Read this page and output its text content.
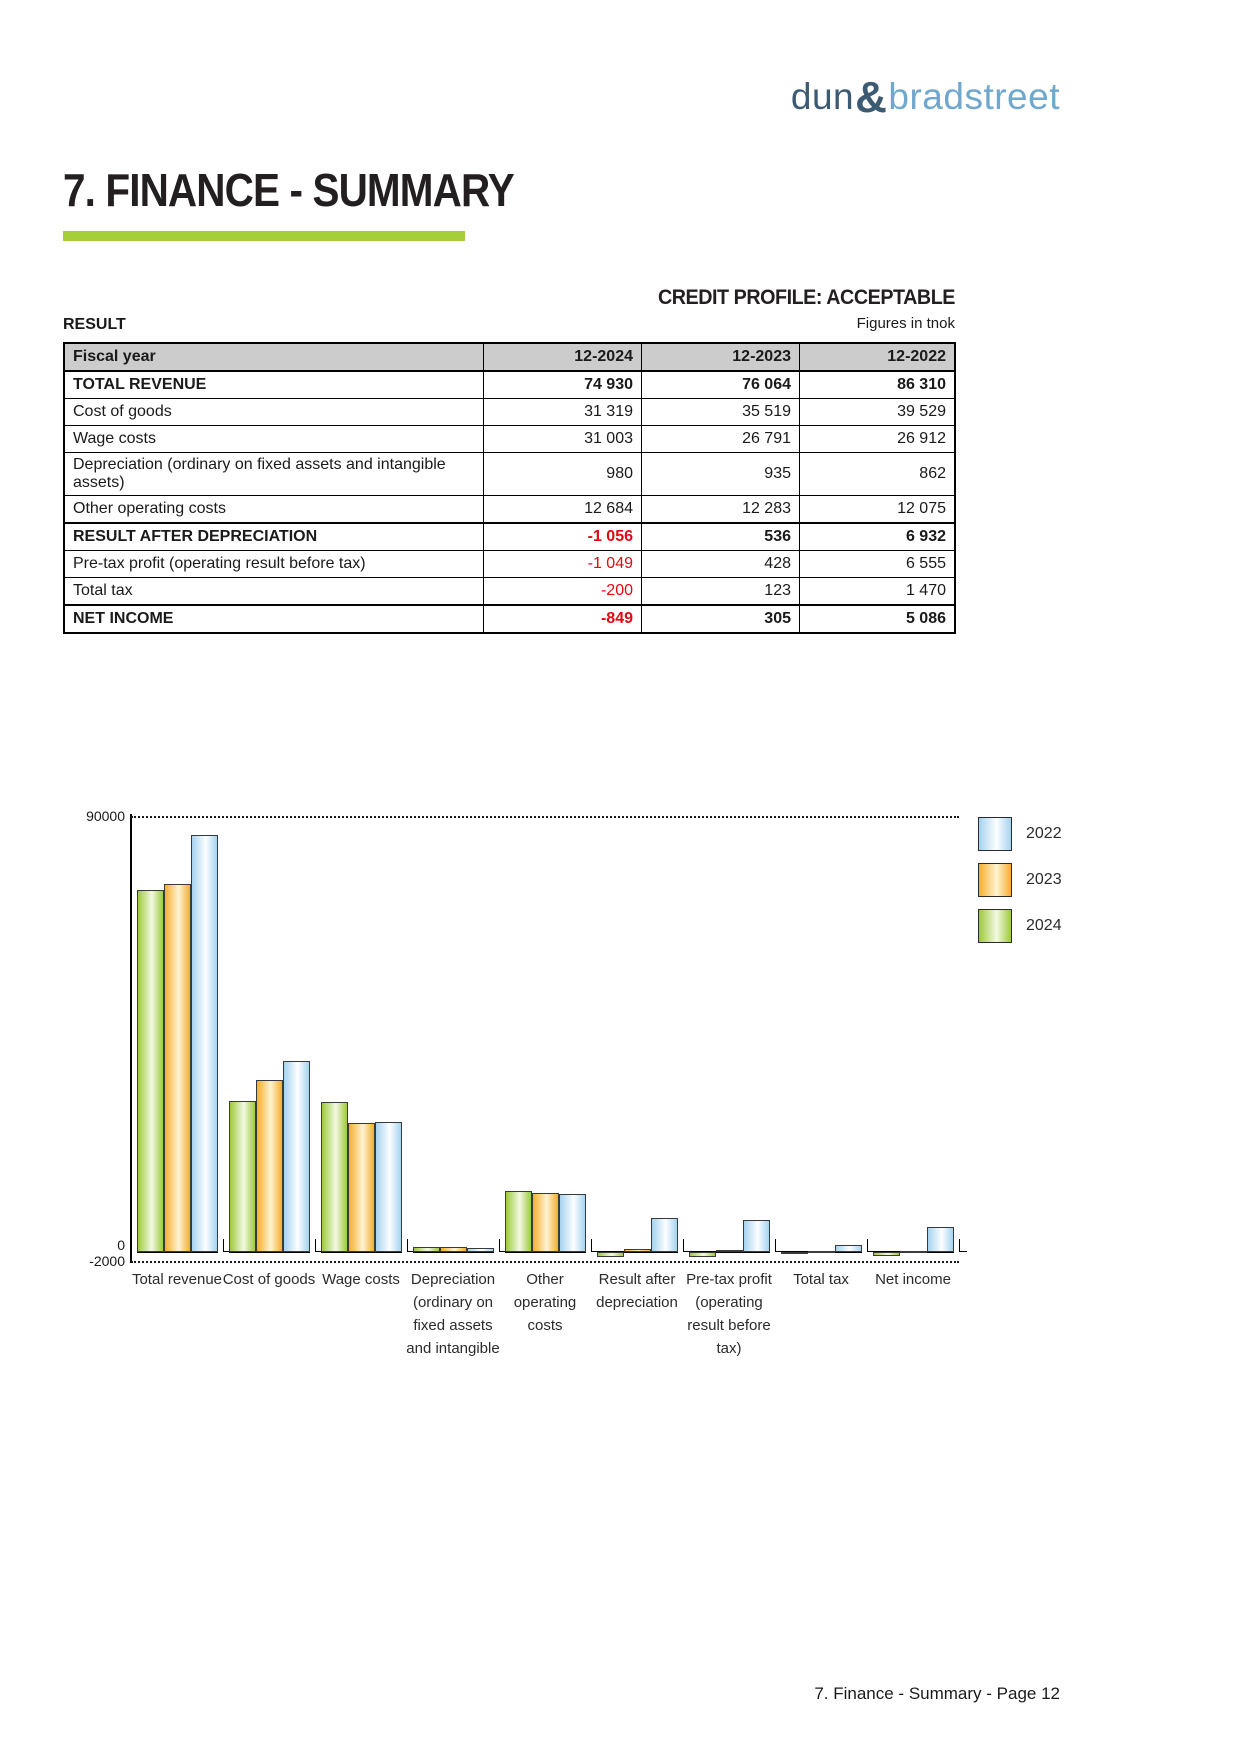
dun&bradstreet
7. FINANCE - SUMMARY
CREDIT PROFILE: ACCEPTABLE
RESULT	Figures in tnok
Fiscal year	12-2024	12-2023	12-2022
TOTAL REVENUE	74 930	76 064	86 310
Cost of goods	31 319	35 519	39 529
Wage costs	31 003	26 791	26 912
Depreciation (ordinary on fixed assets and intangible assets)	980	935	862
Other operating costs	12 684	12 283	12 075
RESULT AFTER DEPRECIATION	-1 056	536	6 932
Pre-tax profit (operating result before tax)	-1 049	428	6 555
Total tax	-200	123	1 470
NET INCOME	-849	305	5 086
90000
0
-2000
Total revenue Cost of goods Wage costs Depreciation
(ordinary on
fixed assets
and intangible
Other
operating
costs
Result after
depreciation
Pre-tax profit
(operating
result before
tax)
Total tax	Net income
2022
2023
2024
7. Finance - Summary - Page 12
